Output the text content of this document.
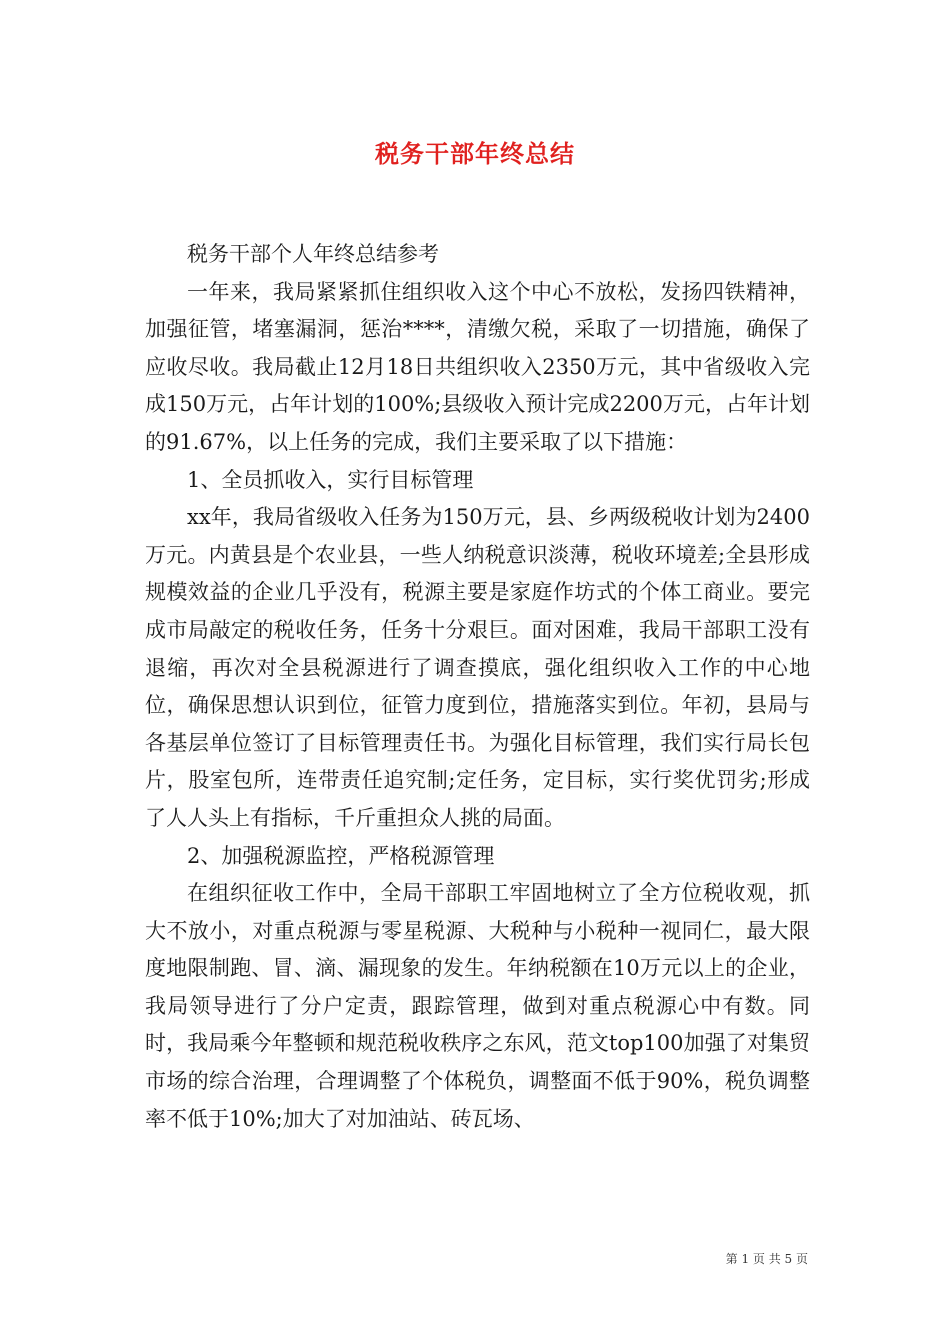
税务干部年终总结

税务干部个人年终总结参考

一年来，我局紧紧抓住组织收入这个中心不放松，发扬四铁精神，加强征管，堵塞漏洞，惩治****，清缴欠税，采取了一切措施，确保了应收尽收。我局截止12月18日共组织收入2350万元，其中省级收入完成150万元，占年计划的100%;县级收入预计完成2200万元，占年计划的91.67%，以上任务的完成，我们主要采取了以下措施：

1、全员抓收入，实行目标管理

xx年，我局省级收入任务为150万元，县、乡两级税收计划为2400万元。内黄县是个农业县，一些人纳税意识淡薄，税收环境差;全县形成规模效益的企业几乎没有，税源主要是家庭作坊式的个体工商业。要完成市局敲定的税收任务，任务十分艰巨。面对困难，我局干部职工没有退缩，再次对全县税源进行了调查摸底，强化组织收入工作的中心地位，确保思想认识到位，征管力度到位，措施落实到位。年初，县局与各基层单位签订了目标管理责任书。为强化目标管理，我们实行局长包片，股室包所，连带责任追究制;定任务，定目标，实行奖优罚劣;形成了人人头上有指标，千斤重担众人挑的局面。

2、加强税源监控，严格税源管理

在组织征收工作中，全局干部职工牢固地树立了全方位税收观，抓大不放小，对重点税源与零星税源、大税种与小税种一视同仁，最大限度地限制跑、冒、滴、漏现象的发生。年纳税额在10万元以上的企业，我局领导进行了分户定责，跟踪管理，做到对重点税源心中有数。同时，我局乘今年整顿和规范税收秩序之东风，范文top100加强了对集贸市场的综合治理，合理调整了个体税负，调整面不低于90%，税负调整率不低于10%;加大了对加油站、砖瓦场、

第 1 页 共 5 页
